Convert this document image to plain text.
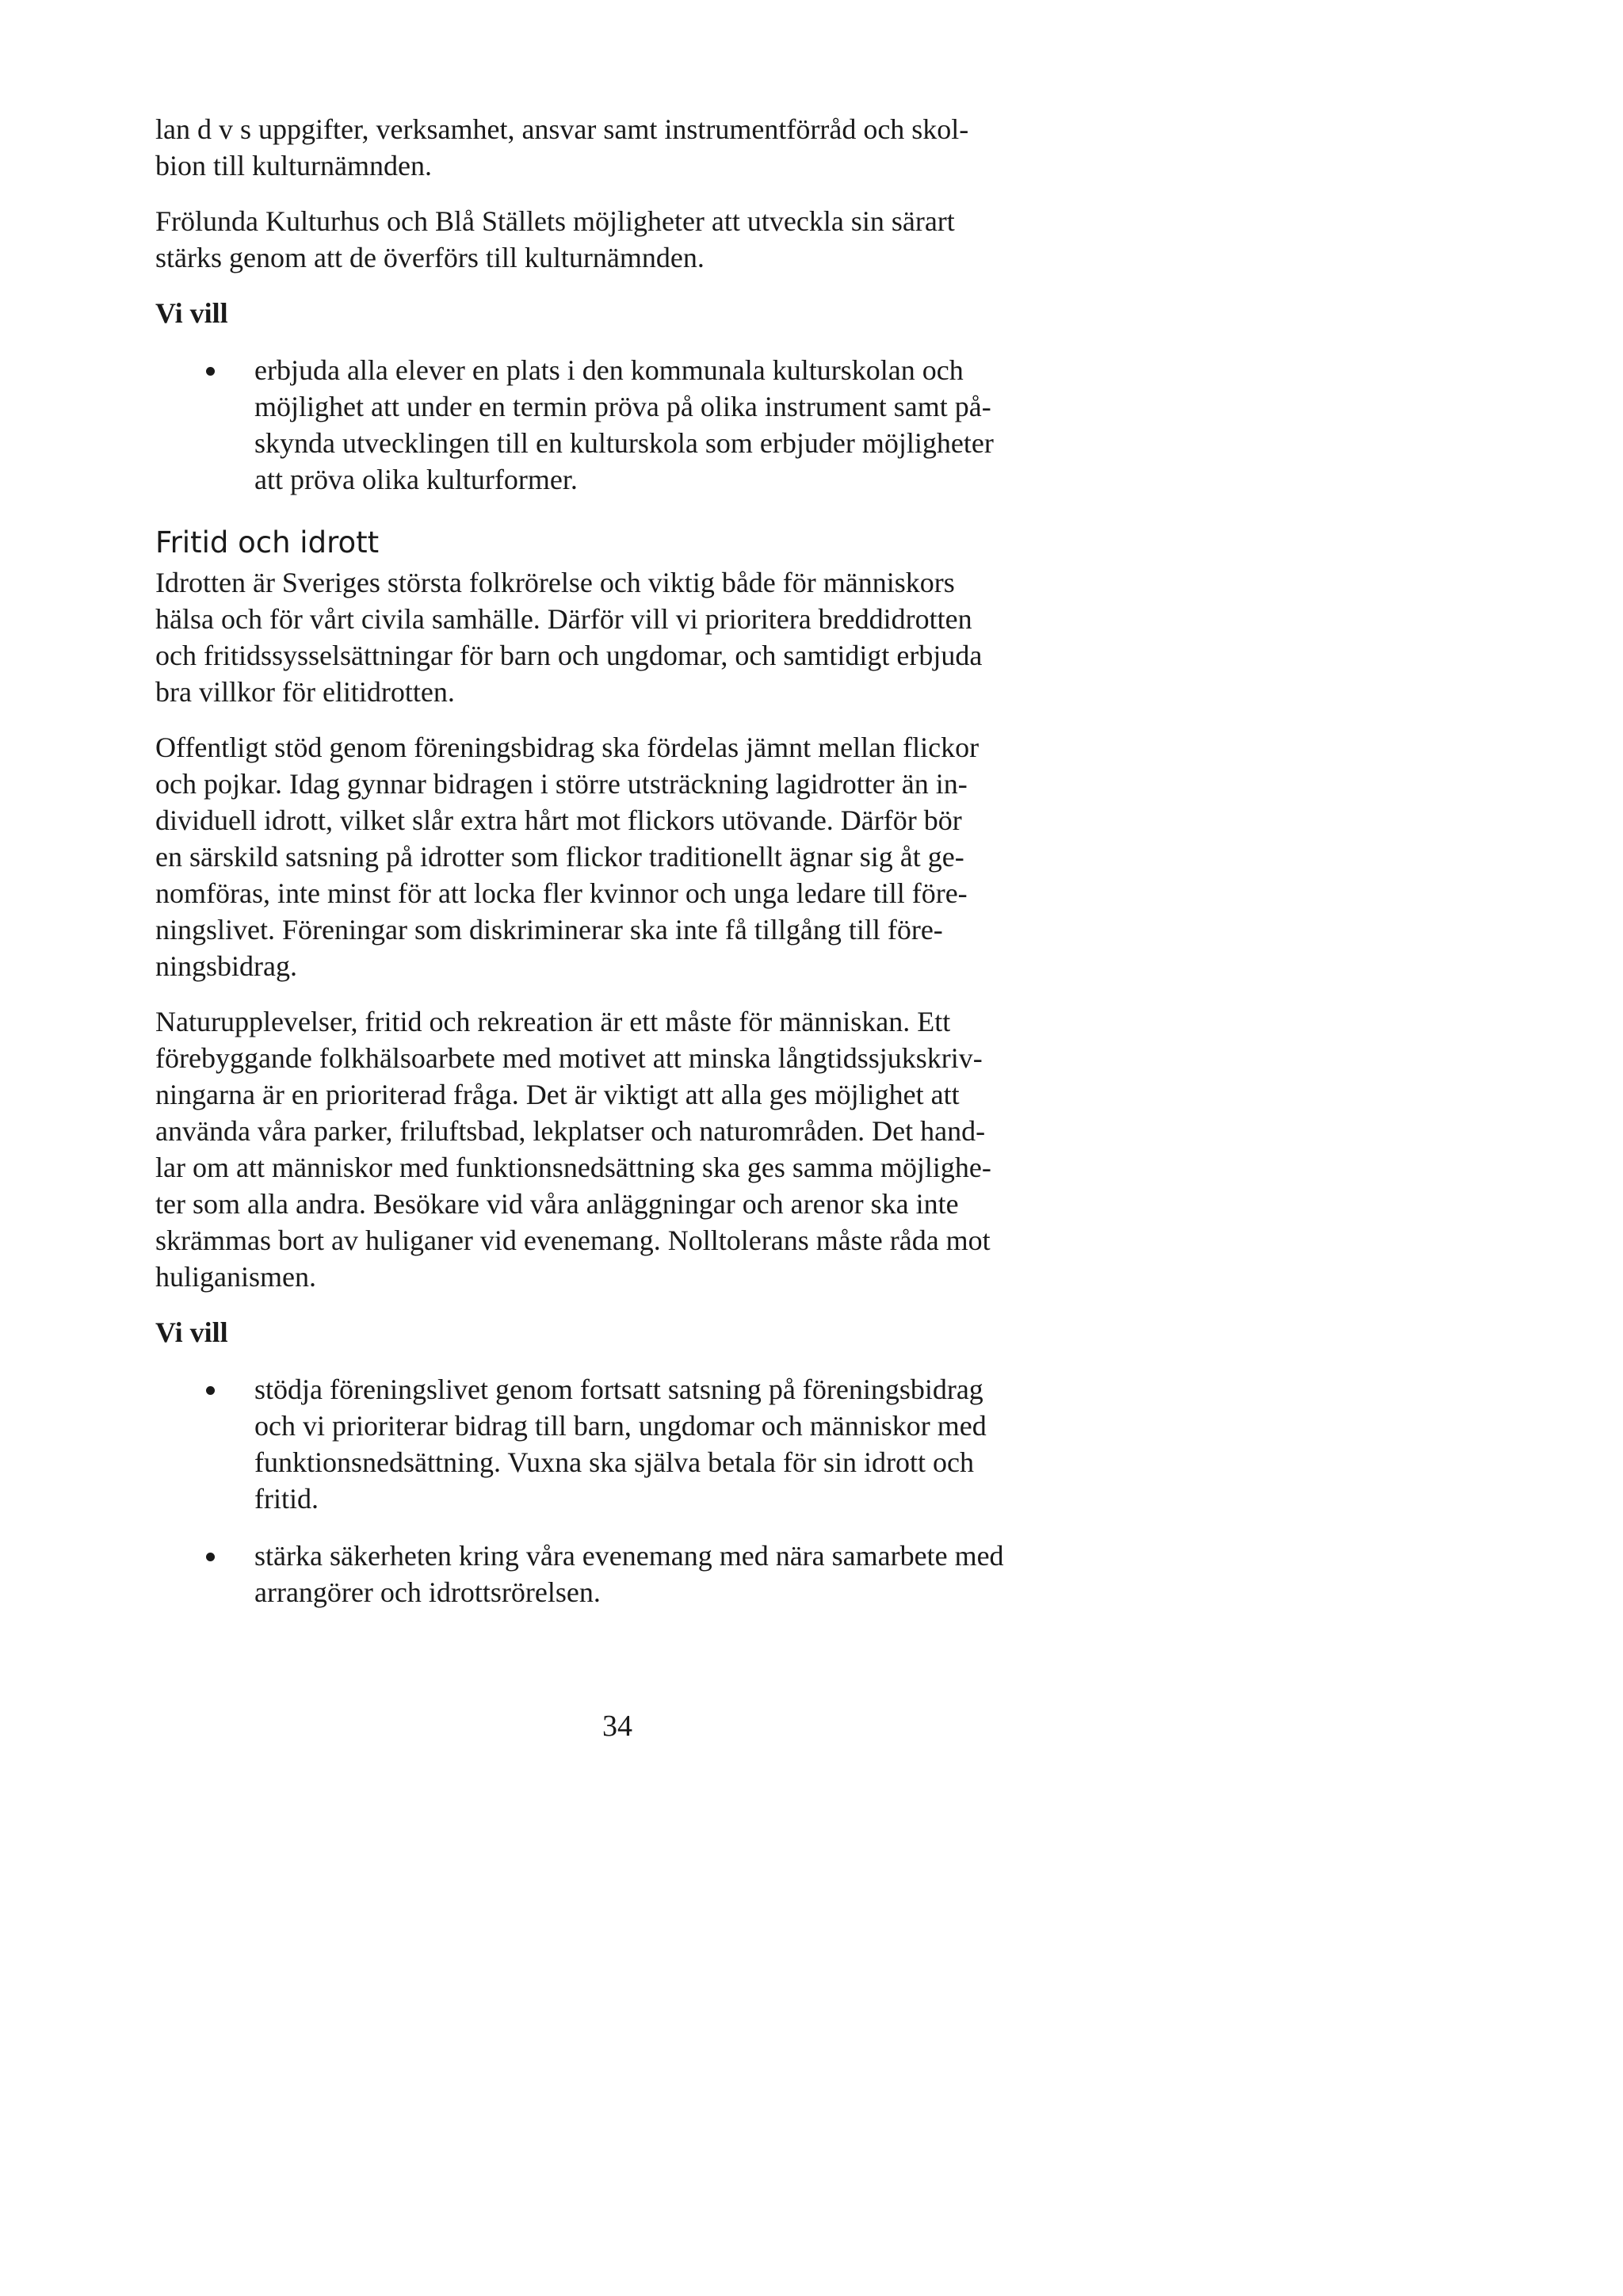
lan d v s uppgifter, verksamhet, ansvar samt instrumentförråd och skol-
bion till kulturnämnden.

Frölunda Kulturhus och Blå Ställets möjligheter att utveckla sin särart
stärks genom att de överförs till kulturnämnden.

Vi vill

erbjuda alla elever en plats i den kommunala kulturskolan och
möjlighet att under en termin pröva på olika instrument samt på-
skynda utvecklingen till en kulturskola som erbjuder möjligheter
att pröva olika kulturformer.
Fritid och idrott

Idrotten är Sveriges största folkrörelse och viktig både för människors
hälsa och för vårt civila samhälle. Därför vill vi prioritera breddidrotten
och fritidssysselsättningar för barn och ungdomar, och samtidigt erbjuda
bra villkor för elitidrotten.

Offentligt stöd genom föreningsbidrag ska fördelas jämnt mellan flickor
och pojkar. Idag gynnar bidragen i större utsträckning lagidrotter än in-
dividuell idrott, vilket slår extra hårt mot flickors utövande. Därför bör
en särskild satsning på idrotter som flickor traditionellt ägnar sig åt ge-
nomföras, inte minst för att locka fler kvinnor och unga ledare till före-
ningslivet. Föreningar som diskriminerar ska inte få tillgång till före-
ningsbidrag.

Naturupplevelser, fritid och rekreation är ett måste för människan. Ett
förebyggande folkhälsoarbete med motivet att minska långtidssjukskriv-
ningarna är en prioriterad fråga. Det är viktigt att alla ges möjlighet att
använda våra parker, friluftsbad, lekplatser och naturområden. Det hand-
lar om att människor med funktionsnedsättning ska ges samma möjlighe-
ter som alla andra. Besökare vid våra anläggningar och arenor ska inte
skrämmas bort av huliganer vid evenemang. Nolltolerans måste råda mot
huliganismen.

Vi vill

stödja föreningslivet genom fortsatt satsning på föreningsbidrag
och vi prioriterar bidrag till barn, ungdomar och människor med
funktionsnedsättning. Vuxna ska själva betala för sin idrott och
fritid.
stärka säkerheten kring våra evenemang med nära samarbete med
arrangörer och idrottsrörelsen.
34
